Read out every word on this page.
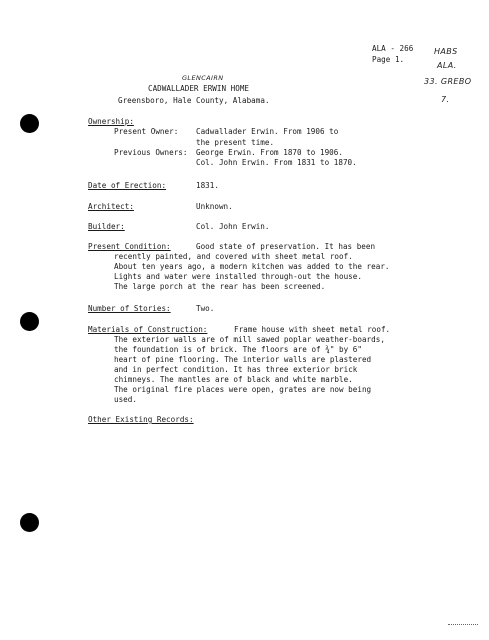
ALA - 266
Page 1.
HABS
ALA.
33. GREBO
7.
GLENCAIRN
CADWALLADER ERWIN HOME
Greensboro, Hale County, Alabama.
Ownership:
Present Owner: Cadwallader Erwin. From 1906 to
the present time.
Previous Owners: George Erwin. From 1870 to 1906.
Col. John Erwin. From 1831 to 1870.
Date of Erection:	1831.
Architect:	Unknown.
Builder:	Col. John Erwin.
Present Condition:	Good state of preservation. It has been
recently painted, and covered with sheet metal roof.
About ten years ago, a modern kitchen was added to the rear.
Lights and water were installed through-out the house.
The large porch at the rear has been screened.
Number of Stories:	Two.
Materials of Construction:	Frame house with sheet metal roof.
The exterior walls are of mill sawed poplar weather-boards,
the foundation is of brick. The floors are of ¾" by 6"
heart of pine flooring. The interior walls are plastered
and in perfect condition. It has three exterior brick
chimneys. The mantles are of black and white marble.
The original fire places were open, grates are now being
used.
Other Existing Records:
